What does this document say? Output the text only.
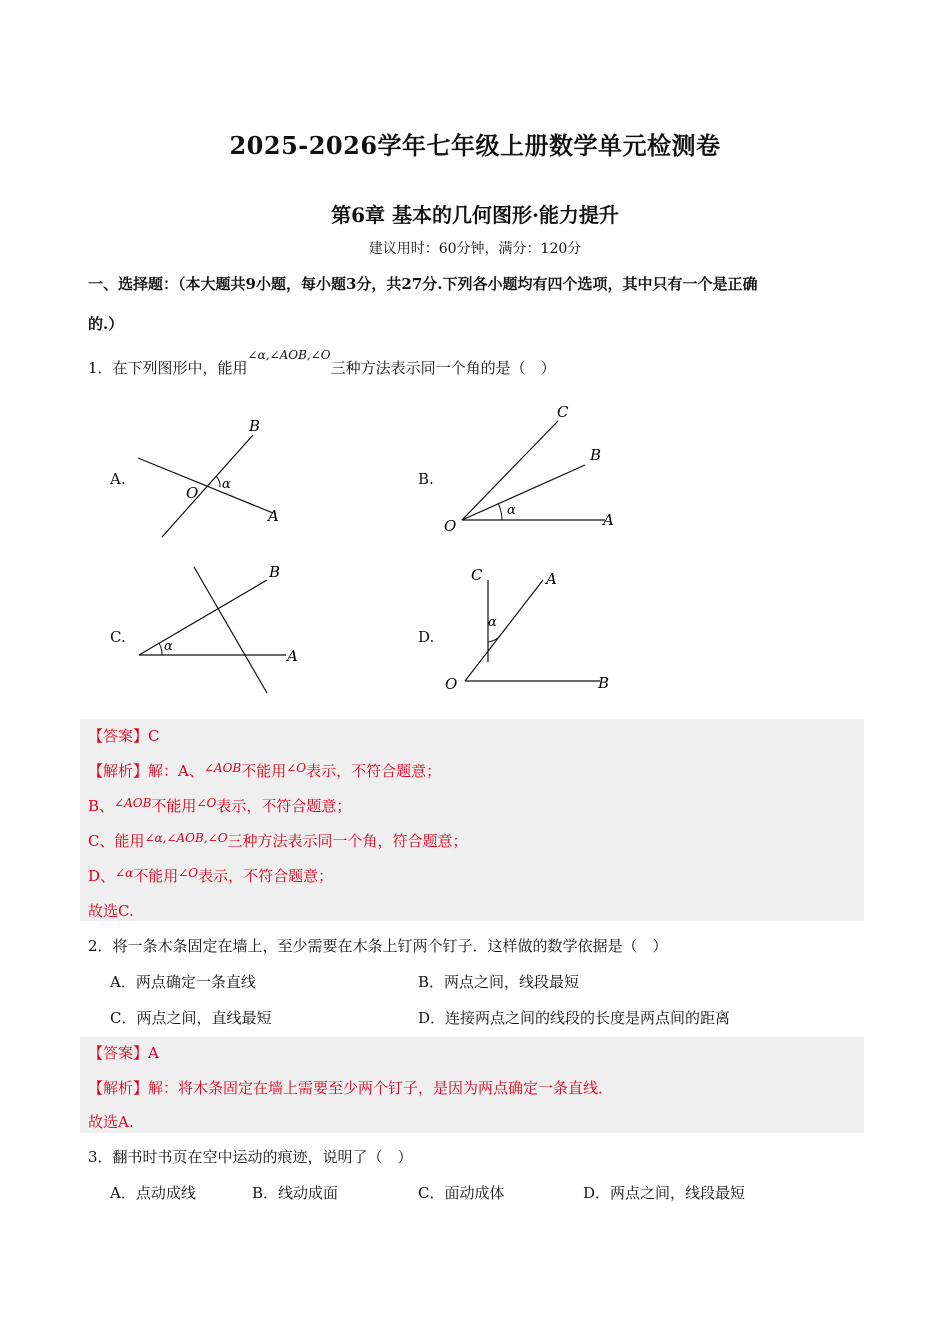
2025-2026学年七年级上册数学单元检测卷
第6章 基本的几何图形·能力提升
建议用时：60分钟，满分：120分
一、选择题：（本大题共9小题，每小题3分，共27分.下列各小题均有四个选项，其中只有一个是正确
的.）
1．在下列图形中，能用$^{\angle\alpha,\angle AOB,\angle O}$三种方法表示同一个角的是（　）
A.	B.
C.	D.
B
O α
A
C
B
O
α
A
B
α
A
C	A
α
O	B
【答案】C
【解析】解：A、$^{\angle AOB}$不能用$^{\angle O}$表示，不符合题意；
B、$^{\angle AOB}$不能用$^{\angle O}$表示，不符合题意；
C、能用$^{\angle\alpha,\angle AOB,\angle O}$三种方法表示同一个角，符合题意；
D、$^{\angle\alpha}$不能用$^{\angle O}$表示，不符合题意；
故选C.
2．将一条木条固定在墙上，至少需要在木条上钉两个钉子．这样做的数学依据是（　）
A．两点确定一条直线	B．两点之间，线段最短
C．两点之间，直线最短	D．连接两点之间的线段的长度是两点间的距离
【答案】A
【解析】解：将木条固定在墙上需要至少两个钉子，是因为两点确定一条直线．
故选A.
3．翻书时书页在空中运动的痕迹，说明了（　）
A．点动成线	B．线动成面	C．面动成体	D．两点之间，线段最短
